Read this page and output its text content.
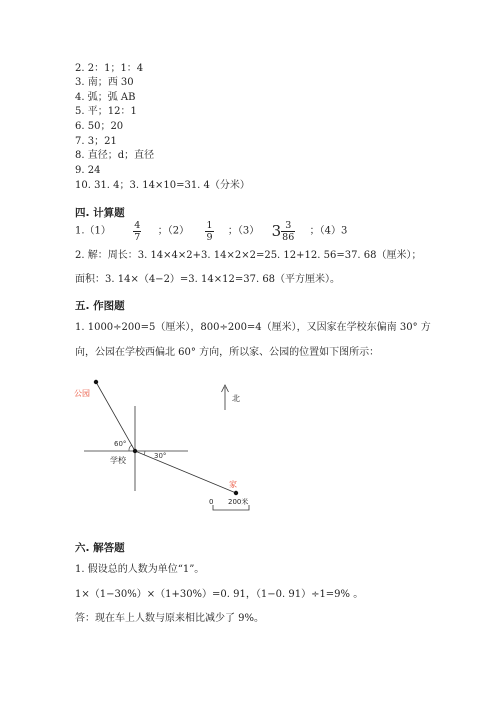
2. 2：1；1：4
3. 南；西 30
4. 弧；弧 AB
5. 平；12：1
6. 50；20
7. 3；21
8. 直径；d；直径
9. 24
10. 31. 4；3. 14×10=31. 4（分米）
四. 计算题
$1.(1) \frac{4}{7}$ ；$(2) \frac{1}{9}$ ；（3） $3 \frac{3}{86}$ ；（4）3
2. 解：周长：3. 14×4×2+3. 14×2×2=25. 12+12. 56=37. 68（厘米）；
面积：3. 14×（4−2）=3. 14×12=37. 68（平方厘米）。
五. 作图题
1. 1000÷200=5（厘米），800÷200=4（厘米），又因家在学校东偏南 30° 方
向，公园在学校西偏北 60° 方向，所以家、公园的位置如下图所示：
公园
60°
30°
学校
家
北
0 200米
六. 解答题
1. 假设总的人数为单位“1”。
1×（1−30%）×（1+30%）=0. 91，（1−0. 91）÷1=9% 。
答：现在车上人数与原来相比减少了 9%。
